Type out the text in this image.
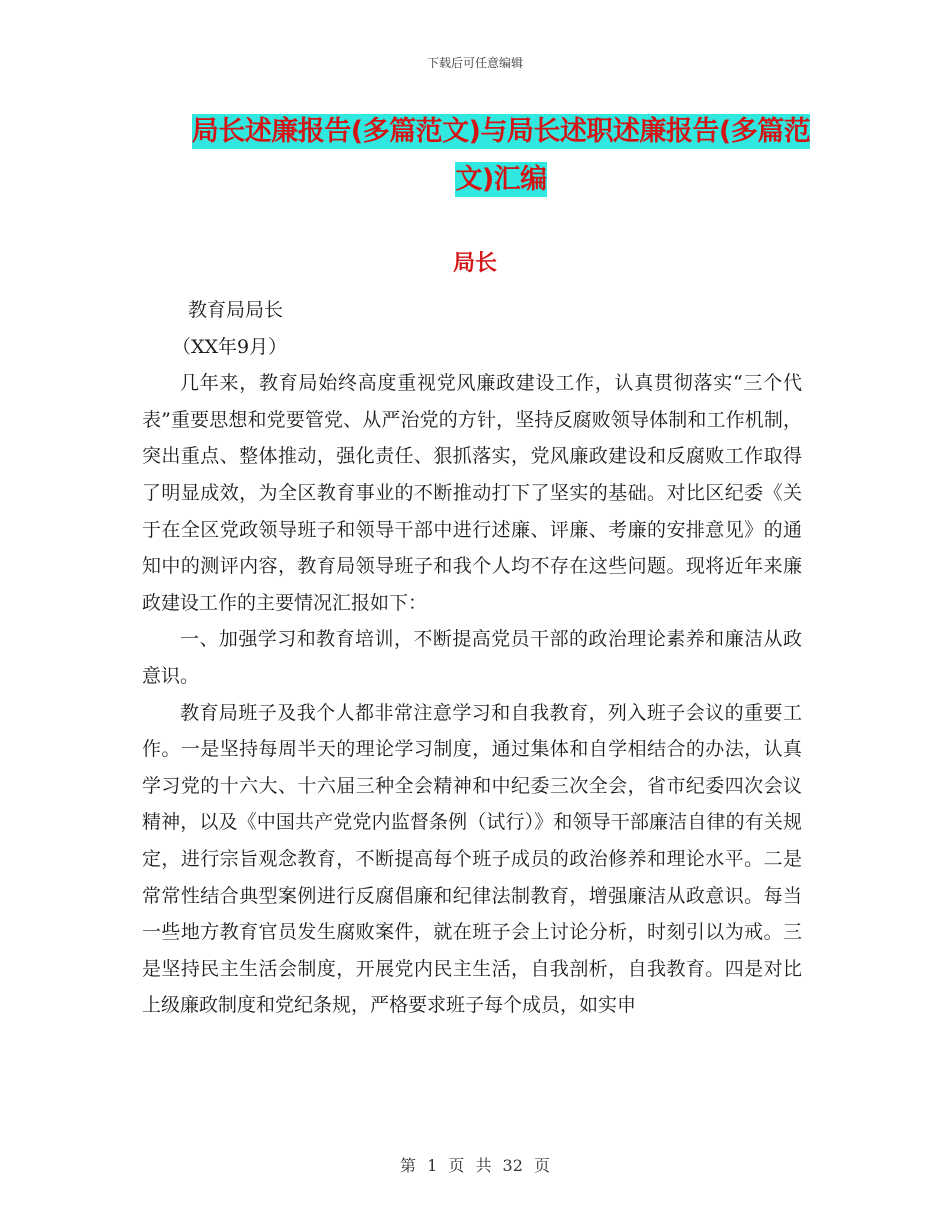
下载后可任意编辑
局长述廉报告(多篇范文)与局长述职述廉报告(多篇范文)汇编
局长

教育局局长

（XX年9月）

几年来，教育局始终高度重视党风廉政建设工作，认真贯彻落实“三个代表”重要思想和党要管党、从严治党的方针，坚持反腐败领导体制和工作机制，突出重点、整体推动，强化责任、狠抓落实，党风廉政建设和反腐败工作取得了明显成效，为全区教育事业的不断推动打下了坚实的基础。对比区纪委《关于在全区党政领导班子和领导干部中进行述廉、评廉、考廉的安排意见》的通知中的测评内容，教育局领导班子和我个人均不存在这些问题。现将近年来廉政建设工作的主要情况汇报如下：

一、加强学习和教育培训，不断提高党员干部的政治理论素养和廉洁从政意识。

教育局班子及我个人都非常注意学习和自我教育，列入班子会议的重要工作。一是坚持每周半天的理论学习制度，通过集体和自学相结合的办法，认真学习党的十六大、十六届三种全会精神和中纪委三次全会，省市纪委四次会议精神，以及《中国共产党党内监督条例（试行）》和领导干部廉洁自律的有关规定，进行宗旨观念教育，不断提高每个班子成员的政治修养和理论水平。二是常常性结合典型案例进行反腐倡廉和纪律法制教育，增强廉洁从政意识。每当一些地方教育官员发生腐败案件，就在班子会上讨论分析，时刻引以为戒。三是坚持民主生活会制度，开展党内民主生活，自我剖析，自我教育。四是对比上级廉政制度和党纪条规，严格要求班子每个成员，如实申

第 1 页 共 32 页
